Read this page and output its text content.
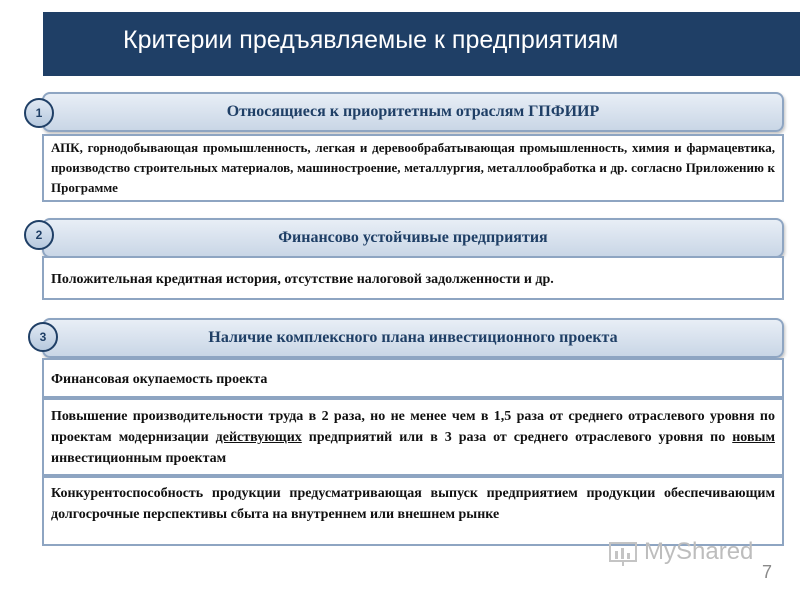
Критерии предъявляемые к предприятиям
Относящиеся к приоритетным отраслям ГПФИИР
1
АПК, горнодобывающая промышленность, легкая и деревообрабатывающая промышленность, химия и фармацевтика, производство строительных материалов, машиностроение, металлургия, металлообработка и др. согласно Приложению к Программе
Финансово устойчивые предприятия
2
Положительная кредитная история, отсутствие налоговой задолженности и др.
Наличие комплексного плана инвестиционного проекта
3
Финансовая окупаемость проекта
Повышение производительности труда в 2 раза, но не менее чем в 1,5 раза от среднего отраслевого уровня по проектам модернизации действующих предприятий или в 3 раза от среднего отраслевого уровня по новым инвестиционным проектам
Конкурентоспособность продукции предусматривающая выпуск предприятием продукции обеспечивающим долгосрочные перспективы сбыта на внутреннем или внешнем рынке
MyShared
7
